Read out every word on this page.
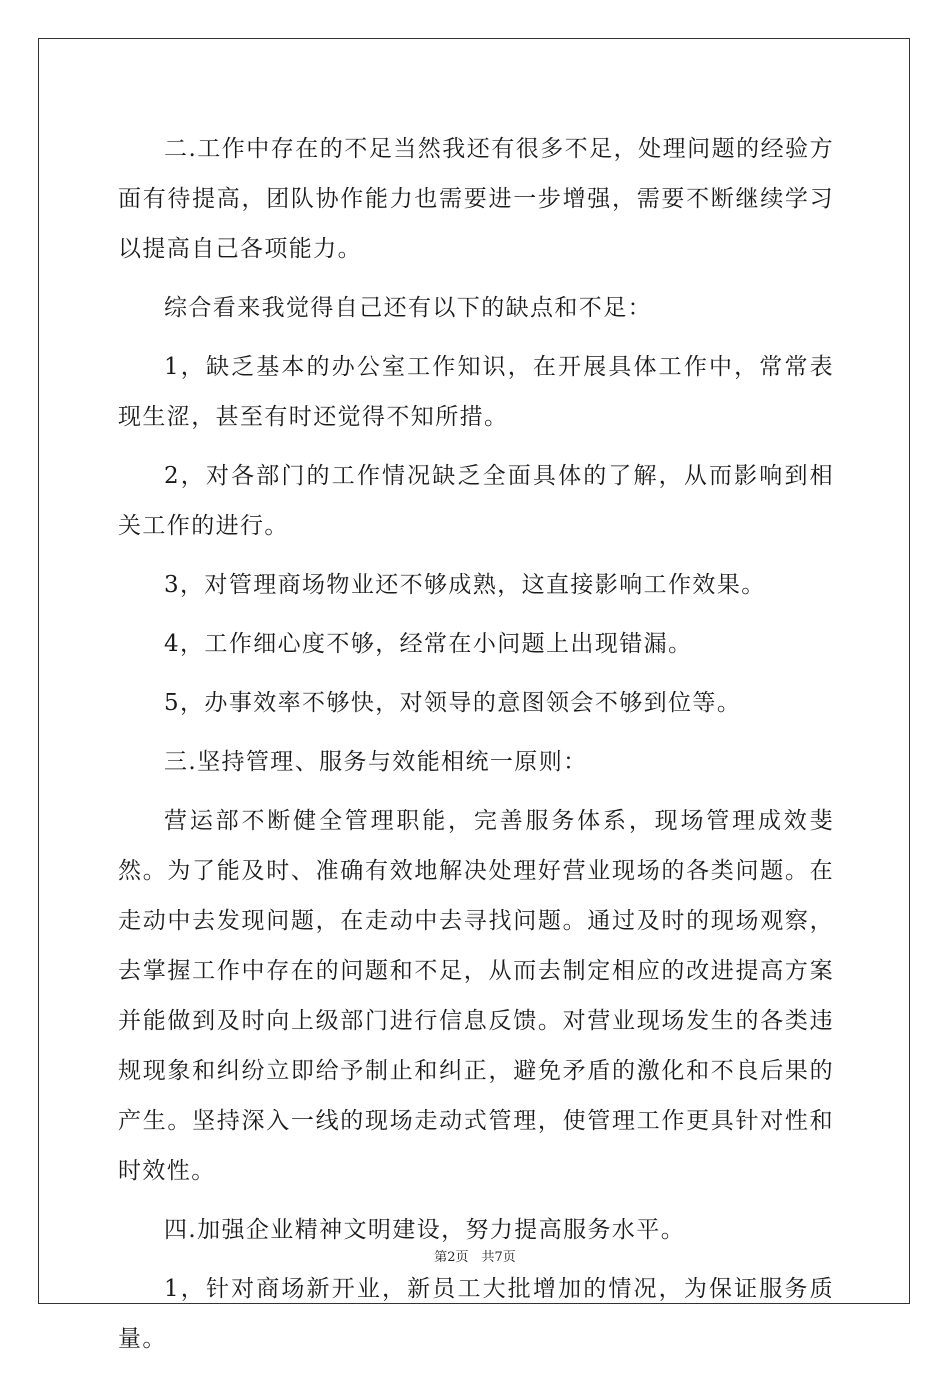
二.工作中存在的不足当然我还有很多不足，处理问题的经验方面有待提高，团队协作能力也需要进一步增强，需要不断继续学习以提高自己各项能力。

综合看来我觉得自己还有以下的缺点和不足：

1，缺乏基本的办公室工作知识，在开展具体工作中，常常表现生涩，甚至有时还觉得不知所措。

2，对各部门的工作情况缺乏全面具体的了解，从而影响到相关工作的进行。

3，对管理商场物业还不够成熟，这直接影响工作效果。

4，工作细心度不够，经常在小问题上出现错漏。

5，办事效率不够快，对领导的意图领会不够到位等。

三.坚持管理、服务与效能相统一原则：

营运部不断健全管理职能，完善服务体系，现场管理成效斐然。为了能及时、准确有效地解决处理好营业现场的各类问题。在走动中去发现问题，在走动中去寻找问题。通过及时的现场观察，去掌握工作中存在的问题和不足，从而去制定相应的改进提高方案并能做到及时向上级部门进行信息反馈。对营业现场发生的各类违规现象和纠纷立即给予制止和纠正，避免矛盾的激化和不良后果的产生。坚持深入一线的现场走动式管理，使管理工作更具针对性和时效性。

四.加强企业精神文明建设，努力提高服务水平。

1，针对商场新开业，新员工大批增加的情况，为保证服务质量。

第2页　共7页
